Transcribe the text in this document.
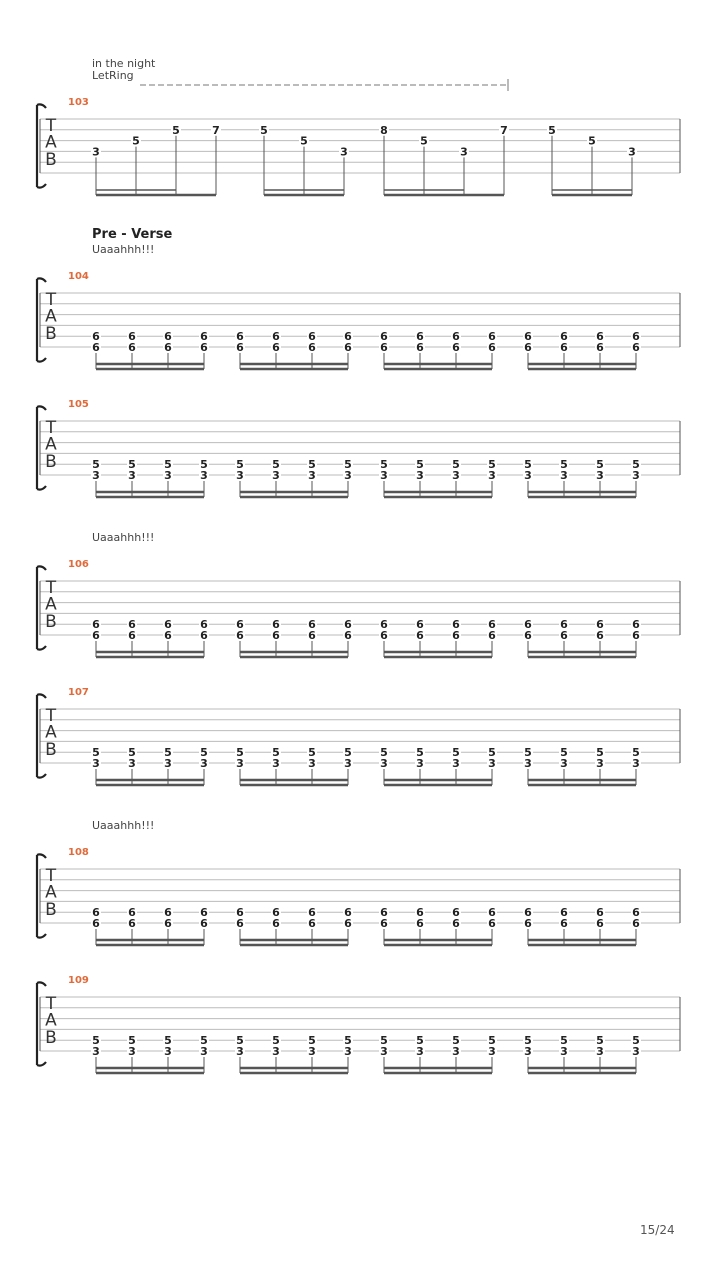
in the night
LetRing
Pre - Verse
Uaaahhh!!!
Uaaahhh!!!
Uaaahhh!!!
T
A
B
103
3
5
5	7	5
5
3
8
5
3
7	5
5
3
T
A
B
104
6
6
6
6
6
6
6
6
6
6
6
6
6
6
6
6
6
6
6
6
6
6
6
6
6
6
6
6
6
6
6
6
T
A
B
105
5
3
5
3
5
3
5
3
5
3
5
3
5
3
5
3
5
3
5
3
5
3
5
3
5
3
5
3
5
3
5
3
T
A
B
106
6
6
6
6
6
6
6
6
6
6
6
6
6
6
6
6
6
6
6
6
6
6
6
6
6
6
6
6
6
6
6
6
T
A
B
107
5
3
5
3
5
3
5
3
5
3
5
3
5
3
5
3
5
3
5
3
5
3
5
3
5
3
5
3
5
3
5
3
T
A
B
108
6
6
6
6
6
6
6
6
6
6
6
6
6
6
6
6
6
6
6
6
6
6
6
6
6
6
6
6
6
6
6
6
T
A
B
109
5
3
5
3
5
3
5
3
5
3
5
3
5
3
5
3
5
3
5
3
5
3
5
3
5
3
5
3
5
3
5
3
15/24
